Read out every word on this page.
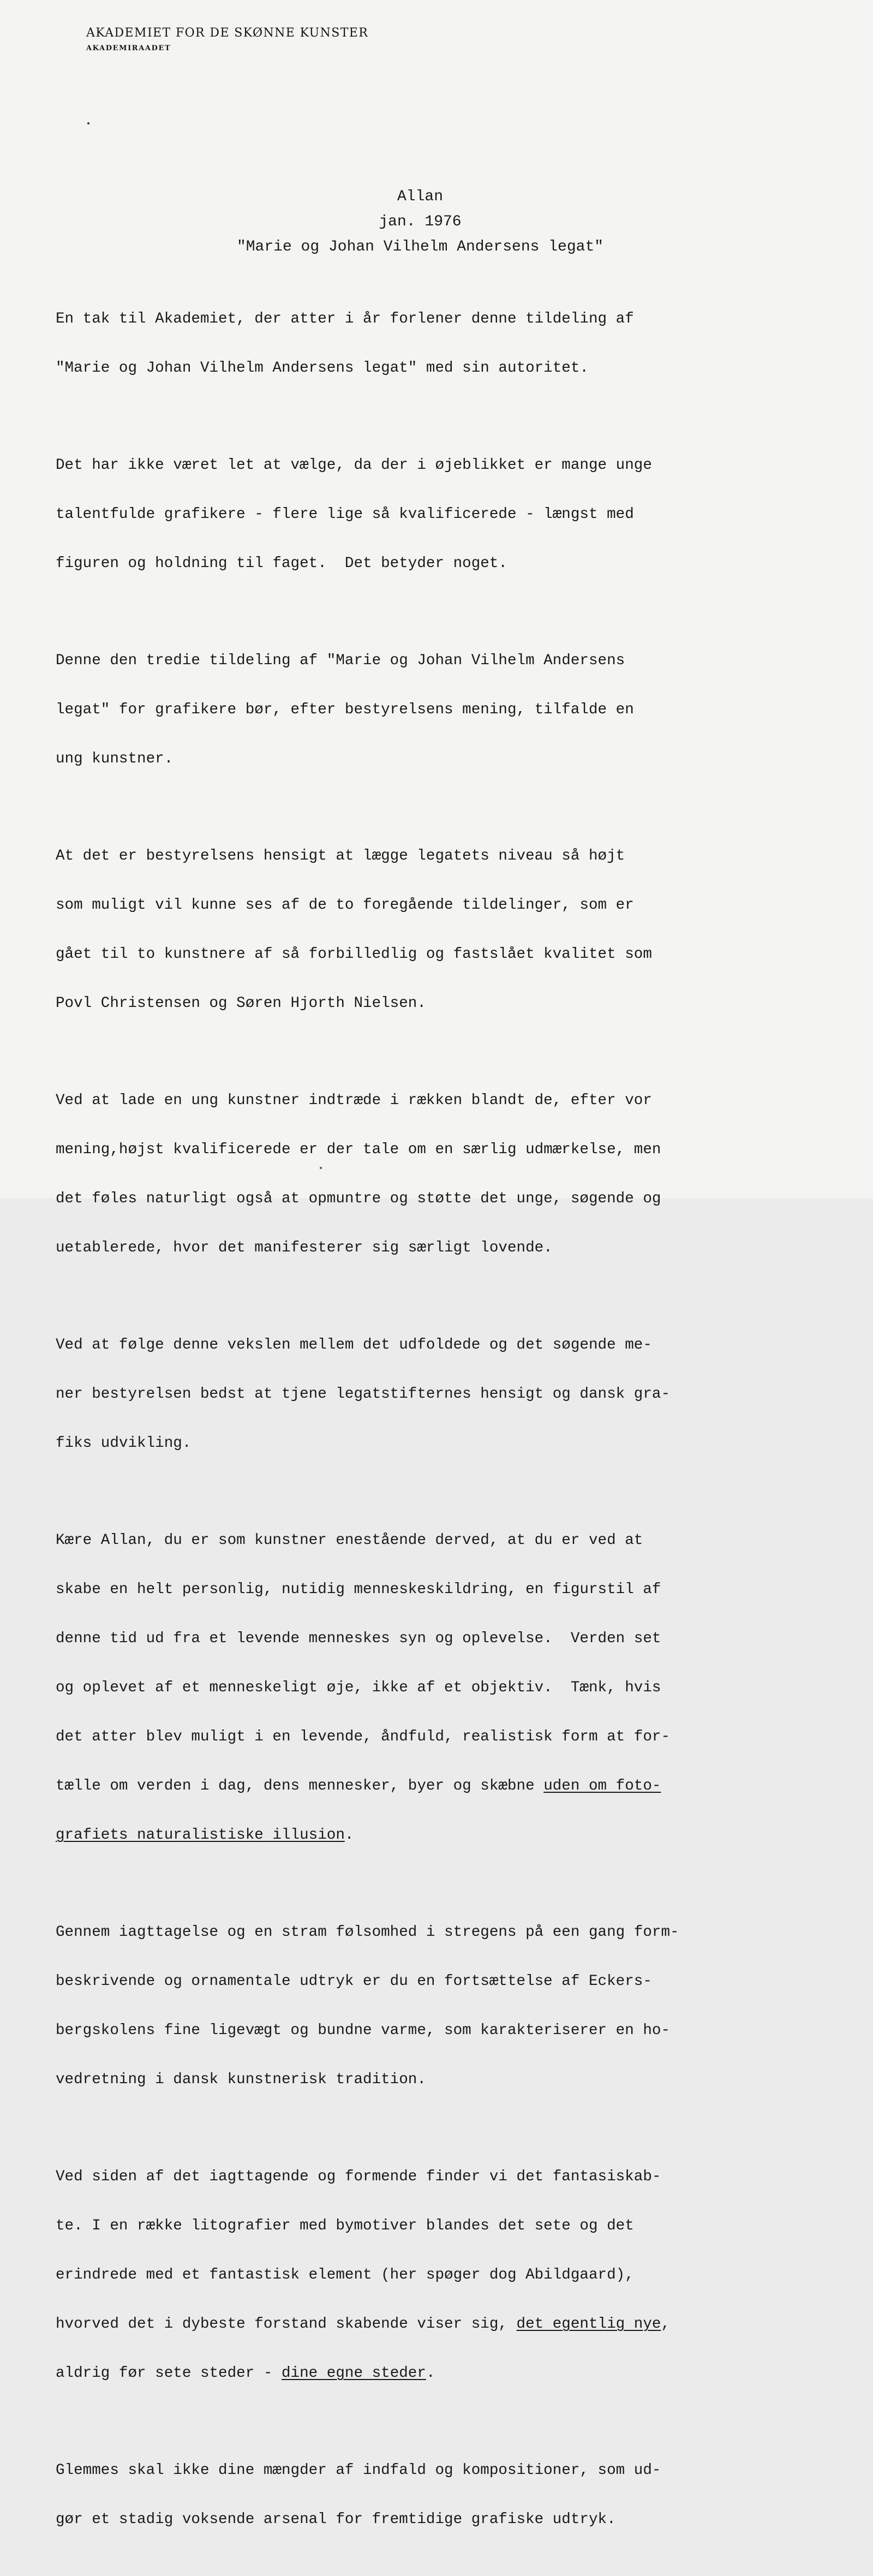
AKADEMIET FOR DE SKØNNE KUNSTER
AKADEMIRAADET
Allan
jan. 1976
"Marie og Johan Vilhelm Andersens legat"

En tak til Akademiet, der atter i år forlener denne tildeling af

"Marie og Johan Vilhelm Andersens legat" med sin autoritet.

Det har ikke været let at vælge, da der i øjeblikket er mange unge

talentfulde grafikere - flere lige så kvalificerede - længst med

figuren og holdning til faget.  Det betyder noget.

Denne den tredie tildeling af "Marie og Johan Vilhelm Andersens

legat" for grafikere bør, efter bestyrelsens mening, tilfalde en

ung kunstner.

At det er bestyrelsens hensigt at lægge legatets niveau så højt

som muligt vil kunne ses af de to foregående tildelinger, som er

gået til to kunstnere af så forbilledlig og fastslået kvalitet som

Povl Christensen og Søren Hjorth Nielsen.

Ved at lade en ung kunstner indtræde i rækken blandt de, efter vor

mening,højst kvalificerede er der tale om en særlig udmærkelse, men

det føles naturligt også at opmuntre og støtte det unge, søgende og

uetablerede, hvor det manifesterer sig særligt lovende.

Ved at følge denne vekslen mellem det udfoldede og det søgende me-

ner bestyrelsen bedst at tjene legatstifternes hensigt og dansk gra-

fiks udvikling.

Kære Allan, du er som kunstner enestående derved, at du er ved at

skabe en helt personlig, nutidig menneskeskildring, en figurstil af

denne tid ud fra et levende menneskes syn og oplevelse.  Verden set

og oplevet af et menneskeligt øje, ikke af et objektiv.  Tænk, hvis

det atter blev muligt i en levende, åndfuld, realistisk form at for-

tælle om verden i dag, dens mennesker, byer og skæbne uden om foto-

grafiets naturalistiske illusion.

Gennem iagttagelse og en stram følsomhed i stregens på een gang form-

beskrivende og ornamentale udtryk er du en fortsættelse af Eckers-

bergskolens fine ligevægt og bundne varme, som karakteriserer en ho-

vedretning i dansk kunstnerisk tradition.

Ved siden af det iagttagende og formende finder vi det fantasiskab-

te. I en række litografier med bymotiver blandes det sete og det

erindrede med et fantastisk element (her spøger dog Abildgaard),

hvorved det i dybeste forstand skabende viser sig, det egentlig nye,

aldrig før sete steder - dine egne steder.

Glemmes skal ikke dine mængder af indfald og kompositioner, som ud-

gør et stadig voksende arsenal for fremtidige grafiske udtryk.
